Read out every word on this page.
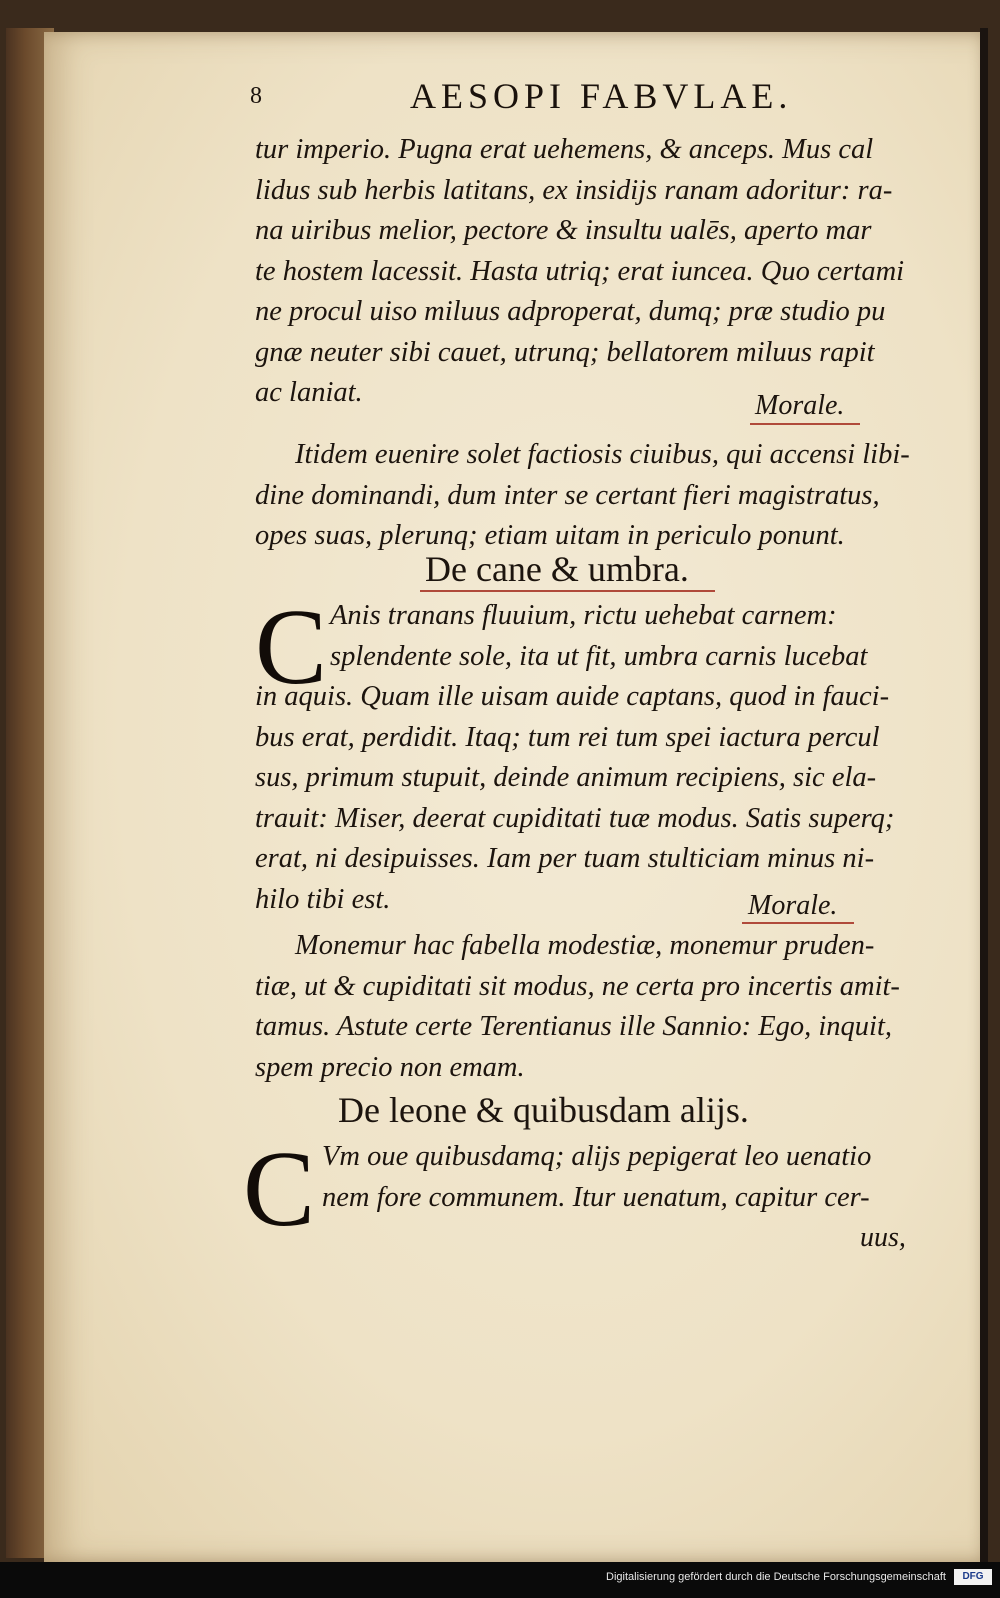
8	AESOPI FABVLAE.
tur imperio. Pugna erat uehemens, & anceps. Mus cal
lidus sub herbis latitans, ex insidijs ranam adoritur: ra-
na uiribus melior, pectore & insultu ualēs, aperto mar
te hostem lacessit. Hasta utriq; erat iuncea. Quo certami
ne procul uiso miluus adproperat, dumq; præ studio pu
gnæ neuter sibi cauet, utrunq; bellatorem miluus rapit
ac laniat.	Morale.
Itidem euenire solet factiosis ciuibus, qui accensi libi-
dine dominandi, dum inter se certant fieri magistratus,
opes suas, plerunq; etiam uitam in periculo ponunt.
De cane & umbra.
C Anis tranans fluuium, rictu uehebat carnem:
splendente sole, ita ut fit, umbra carnis lucebat
in aquis. Quam ille uisam auide captans, quod in fauci-
bus erat, perdidit. Itaq; tum rei tum spei iactura percul
sus, primum stupuit, deinde animum recipiens, sic ela-
trauit: Miser, deerat cupiditati tuæ modus. Satis superq;
erat, ni desipuisses. Iam per tuam stulticiam minus ni-
hilo tibi est.	Morale.
Monemur hac fabella modestiæ, monemur pruden-
tiæ, ut & cupiditati sit modus, ne certa pro incertis amit-
tamus. Astute certe Terentianus ille Sannio: Ego, inquit,
spem precio non emam.
De leone & quibusdam alijs.
C Vm oue quibusdamq; alijs pepigerat leo uenatio
nem fore communem. Itur uenatum, capitur cer-
uus,
Digitalisierung gefördert durch die Deutsche Forschungsgemeinschaft	DFG
